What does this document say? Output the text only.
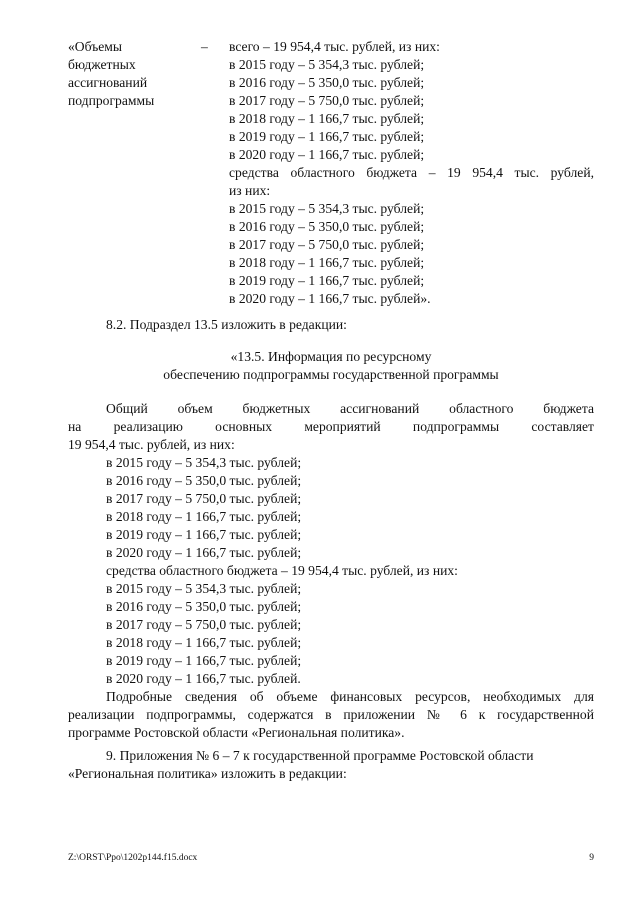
«Объемы
бюджетных
ассигнований
подпрограммы
– всего – 19 954,4 тыс. рублей, из них:
в 2015 году – 5 354,3 тыс. рублей;
в 2016 году – 5 350,0 тыс. рублей;
в 2017 году – 5 750,0 тыс. рублей;
в 2018 году – 1 166,7 тыс. рублей;
в 2019 году – 1 166,7 тыс. рублей;
в 2020 году – 1 166,7 тыс. рублей;
средства областного бюджета – 19 954,4 тыс. рублей,
из них:
в 2015 году – 5 354,3 тыс. рублей;
в 2016 году – 5 350,0 тыс. рублей;
в 2017 году – 5 750,0 тыс. рублей;
в 2018 году – 1 166,7 тыс. рублей;
в 2019 году – 1 166,7 тыс. рублей;
в 2020 году – 1 166,7 тыс. рублей».
8.2. Подраздел 13.5 изложить в редакции:
«13.5. Информация по ресурсному
обеспечению подпрограммы государственной программы
Общий объем бюджетных ассигнований областного бюджета
на реализацию основных мероприятий подпрограммы составляет
19 954,4 тыс. рублей, из них:
в 2015 году – 5 354,3 тыс. рублей;
в 2016 году – 5 350,0 тыс. рублей;
в 2017 году – 5 750,0 тыс. рублей;
в 2018 году – 1 166,7 тыс. рублей;
в 2019 году – 1 166,7 тыс. рублей;
в 2020 году – 1 166,7 тыс. рублей;
средства областного бюджета – 19 954,4 тыс. рублей, из них:
в 2015 году – 5 354,3 тыс. рублей;
в 2016 году – 5 350,0 тыс. рублей;
в 2017 году – 5 750,0 тыс. рублей;
в 2018 году – 1 166,7 тыс. рублей;
в 2019 году – 1 166,7 тыс. рублей;
в 2020 году – 1 166,7 тыс. рублей.
Подробные сведения об объеме финансовых ресурсов, необходимых для
реализации подпрограммы, содержатся в приложении № 6 к государственной
программе Ростовской области «Региональная политика».
9. Приложения № 6 – 7 к государственной программе Ростовской области
«Региональная политика» изложить в редакции:
Z:\ORST\Ppo\1202p144.f15.docx	9
